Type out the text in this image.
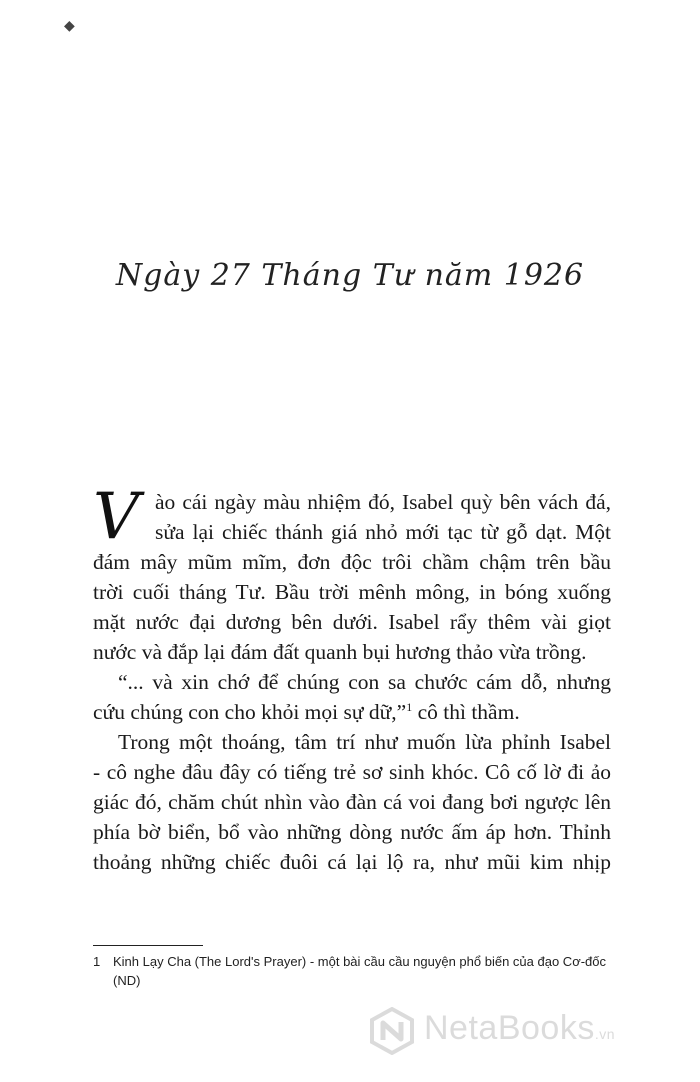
◆
Ngày 27 Tháng Tư năm 1926
V ào cái ngày màu nhiệm đó, Isabel quỳ bên vách đá,
sửa lại chiếc thánh giá nhỏ mới tạc từ gỗ dạt. Một
đám mây mũm mĩm, đơn độc trôi chầm chậm trên bầu
trời cuối tháng Tư. Bầu trời mênh mông, in bóng xuống
mặt nước đại dương bên dưới. Isabel rẩy thêm vài giọt
nước và đắp lại đám đất quanh bụi hương thảo vừa trồng.
“... và xin chớ để chúng con sa chước cám dỗ, nhưng
cứu chúng con cho khỏi mọi sự dữ,”$^1$ cô thì thầm.
Trong một thoáng, tâm trí như muốn lừa phỉnh Isabel
- cô nghe đâu đây có tiếng trẻ sơ sinh khóc. Cô cố lờ đi ảo
giác đó, chăm chút nhìn vào đàn cá voi đang bơi ngược lên
phía bờ biển, bổ vào những dòng nước ấm áp hơn. Thỉnh
thoảng những chiếc đuôi cá lại lộ ra, như mũi kim nhịp
1 Kinh Lạy Cha (The Lord's Prayer) - một bài cầu cầu nguyện phổ biến của đạo Cơ-đốc (ND)
NetaBooks.vn
